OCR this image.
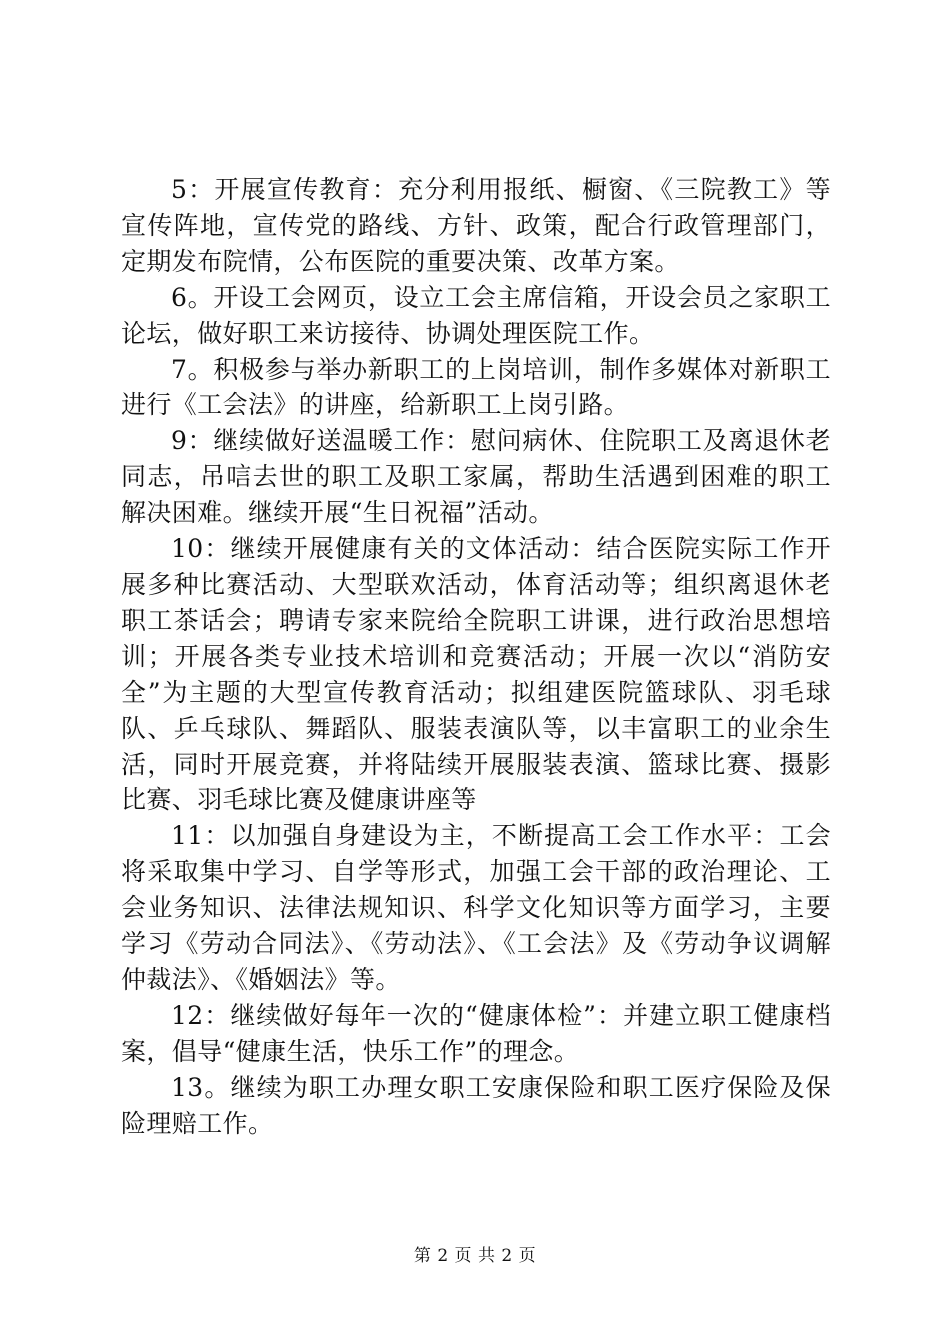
5：开展宣传教育：充分利用报纸、橱窗、《三院教工》等宣传阵地，宣传党的路线、方针、政策，配合行政管理部门，定期发布院情，公布医院的重要决策、改革方案。

6。开设工会网页，设立工会主席信箱，开设会员之家职工论坛，做好职工来访接待、协调处理医院工作。

7。积极参与举办新职工的上岗培训，制作多媒体对新职工进行《工会法》的讲座，给新职工上岗引路。

9：继续做好送温暖工作：慰问病休、住院职工及离退休老同志，吊唁去世的职工及职工家属，帮助生活遇到困难的职工解决困难。继续开展“生日祝福”活动。

10：继续开展健康有关的文体活动：结合医院实际工作开展多种比赛活动、大型联欢活动，体育活动等；组织离退休老职工茶话会；聘请专家来院给全院职工讲课，进行政治思想培训；开展各类专业技术培训和竞赛活动；开展一次以“消防安全”为主题的大型宣传教育活动；拟组建医院篮球队、羽毛球队、乒乓球队、舞蹈队、服装表演队等，以丰富职工的业余生活，同时开展竞赛，并将陆续开展服装表演、篮球比赛、摄影比赛、羽毛球比赛及健康讲座等

11：以加强自身建设为主，不断提高工会工作水平：工会将采取集中学习、自学等形式，加强工会干部的政治理论、工会业务知识、法律法规知识、科学文化知识等方面学习，主要学习《劳动合同法》、《劳动法》、《工会法》及《劳动争议调解仲裁法》、《婚姻法》等。

12：继续做好每年一次的“健康体检”：并建立职工健康档案，倡导“健康生活，快乐工作”的理念。

13。继续为职工办理女职工安康保险和职工医疗保险及保险理赔工作。

第 2 页 共 2 页
